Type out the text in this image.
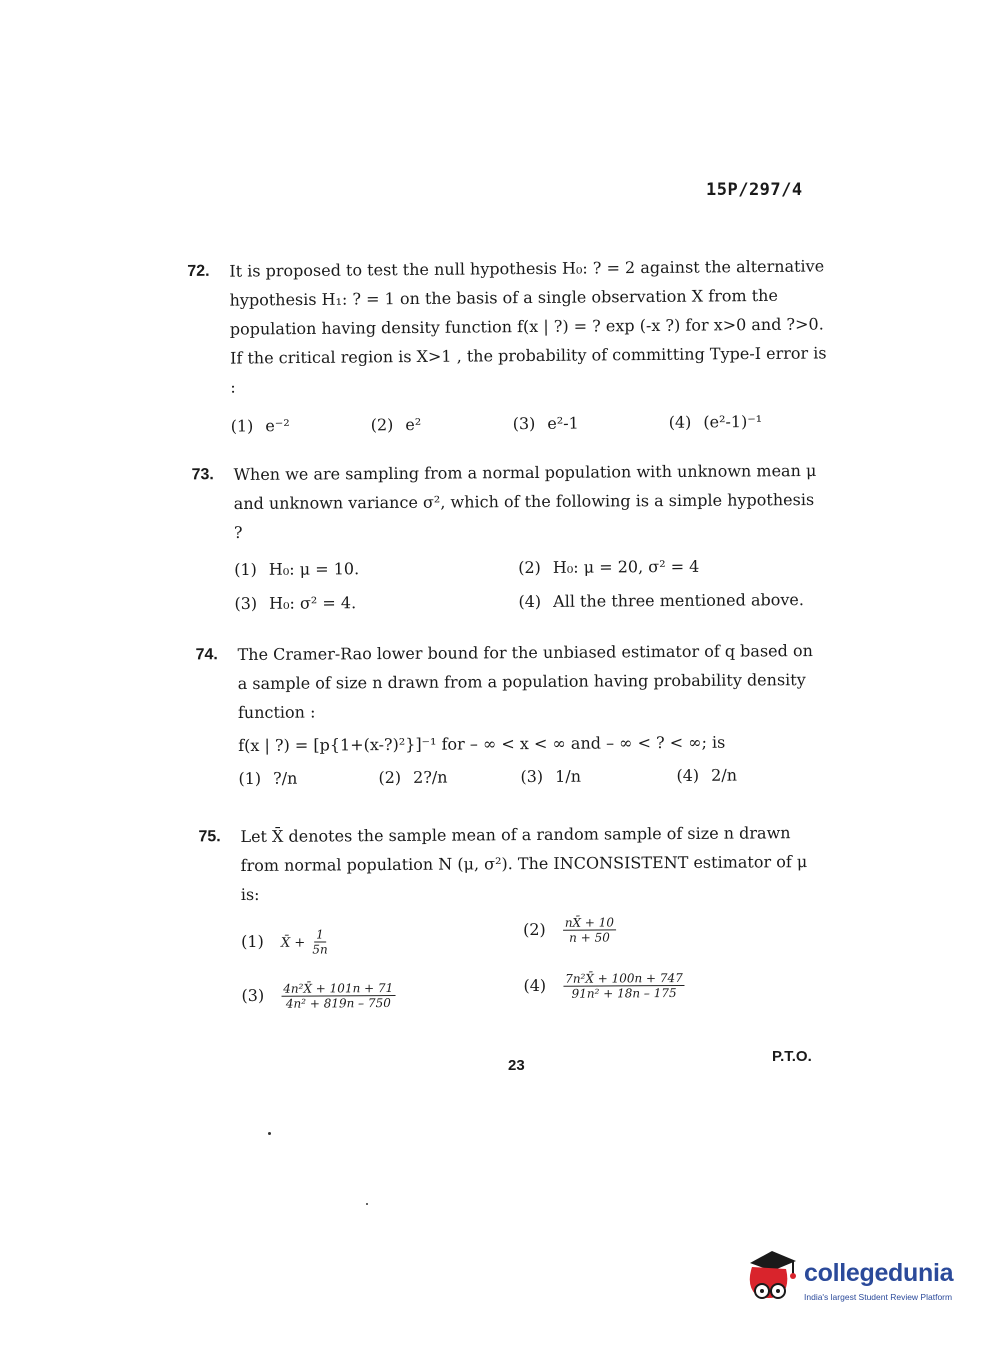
15P/297/4
72. It is proposed to test the null hypothesis H₀: ? = 2 against the alternative hypothesis H₁: ? = 1 on the basis of a single observation X from the population having density function f(x | ?) = ? exp (-x ?) for x>0 and ?>0. If the critical region is X>1 , the probability of committing Type-I error is :

(1) e⁻²	(2) e²	(3) e²-1	(4) (e²-1)⁻¹
73. When we are sampling from a normal population with unknown mean μ and unknown variance σ², which of the following is a simple hypothesis ?

(1) H₀: μ = 10.	(2) H₀: μ = 20, σ² = 4
(3) H₀: σ² = 4.	(4) All the three mentioned above.
74. The Cramer-Rao lower bound for the unbiased estimator of q based on a sample of size n drawn from a population having probability density function :

f(x | ?) = [p{1+(x-?)²}]⁻¹ for – ∞ < x < ∞ and – ∞ < ? < ∞; is

(1) ?/n	(2) 2?/n	(3) 1/n	(4) 2/n
75. Let X̄ denotes the sample mean of a random sample of size n drawn from normal population N (μ, σ²). The INCONSISTENT estimator of μ is:

(1) X̄ + $\frac{1}{5n}$	$(2) \frac{nX̄ + 10}{n + 50}$
$(3) \frac{\text{4n²X̄ + 101n + 71}}{\text{4n² + 819n – 750}}$	$(4) \frac{\text{7n²X̄ + 100n + 747}}{\text{91n² + 18n – 175}}$
23
P.T.O.
collegedunia
India's largest Student Review Platform
